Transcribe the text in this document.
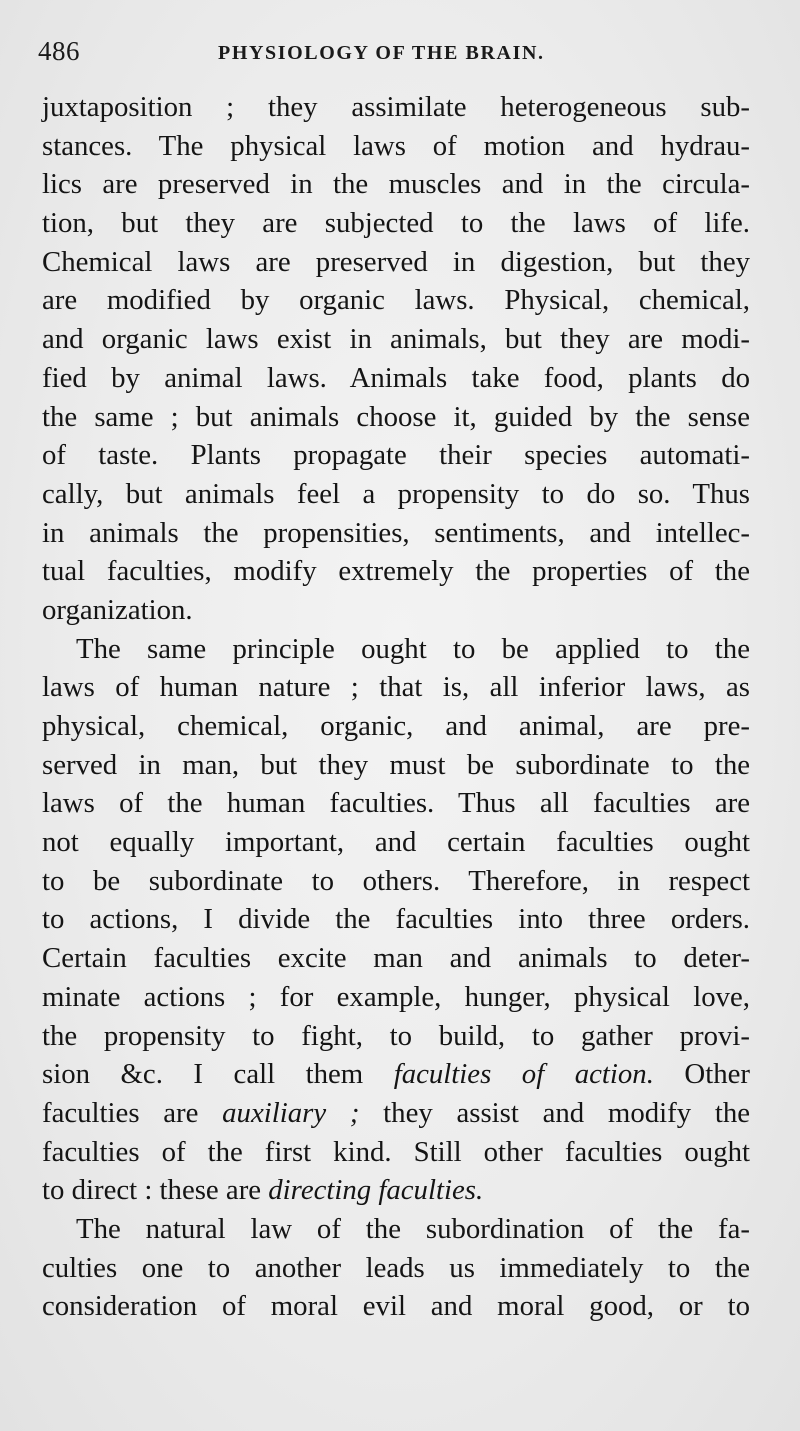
486	PHYSIOLOGY OF THE BRAIN.

juxtaposition ; they assimilate heterogeneous sub-
stances. The physical laws of motion and hydrau-
lics are preserved in the muscles and in the circula-
tion, but they are subjected to the laws of life.
Chemical laws are preserved in digestion, but they
are modified by organic laws. Physical, chemical,
and organic laws exist in animals, but they are modi-
fied by animal laws. Animals take food, plants do
the same ; but animals choose it, guided by the sense
of taste. Plants propagate their species automati-
cally, but animals feel a propensity to do so. Thus
in animals the propensities, sentiments, and intellec-
tual faculties, modify extremely the properties of the
organization.

The same principle ought to be applied to the
laws of human nature ; that is, all inferior laws, as
physical, chemical, organic, and animal, are pre-
served in man, but they must be subordinate to the
laws of the human faculties. Thus all faculties are
not equally important, and certain faculties ought
to be subordinate to others. Therefore, in respect
to actions, I divide the faculties into three orders.
Certain faculties excite man and animals to deter-
minate actions ; for example, hunger, physical love,
the propensity to fight, to build, to gather provi-
sion &c. I call them faculties of action. Other
faculties are auxiliary ; they assist and modify the
faculties of the first kind. Still other faculties ought
to direct : these are directing faculties.

The natural law of the subordination of the fa-
culties one to another leads us immediately to the
consideration of moral evil and moral good, or to
